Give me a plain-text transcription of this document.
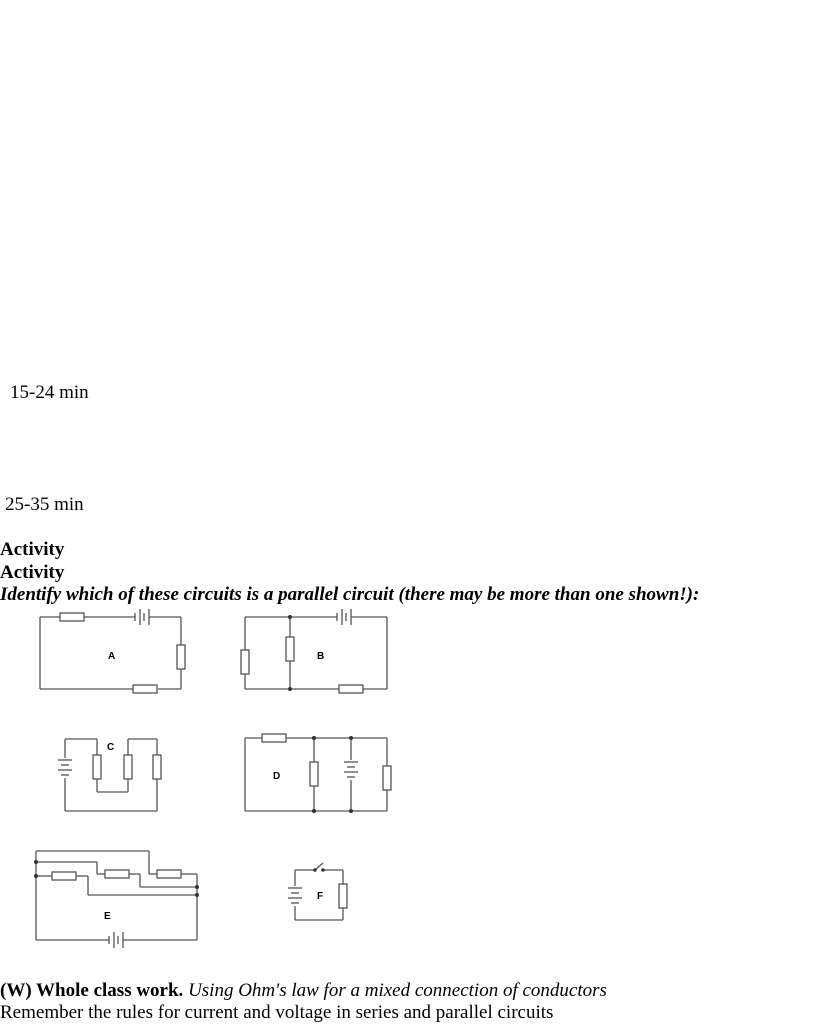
15-24 min
25-35 min
Activity
Activity
Identify which of these circuits is a parallel circuit (there may be more than one shown!):
A	B
C
D
E
F
(W) Whole class work. Using Ohm's law for a mixed connection of conductors
Remember the rules for current and voltage in series and parallel circuits
